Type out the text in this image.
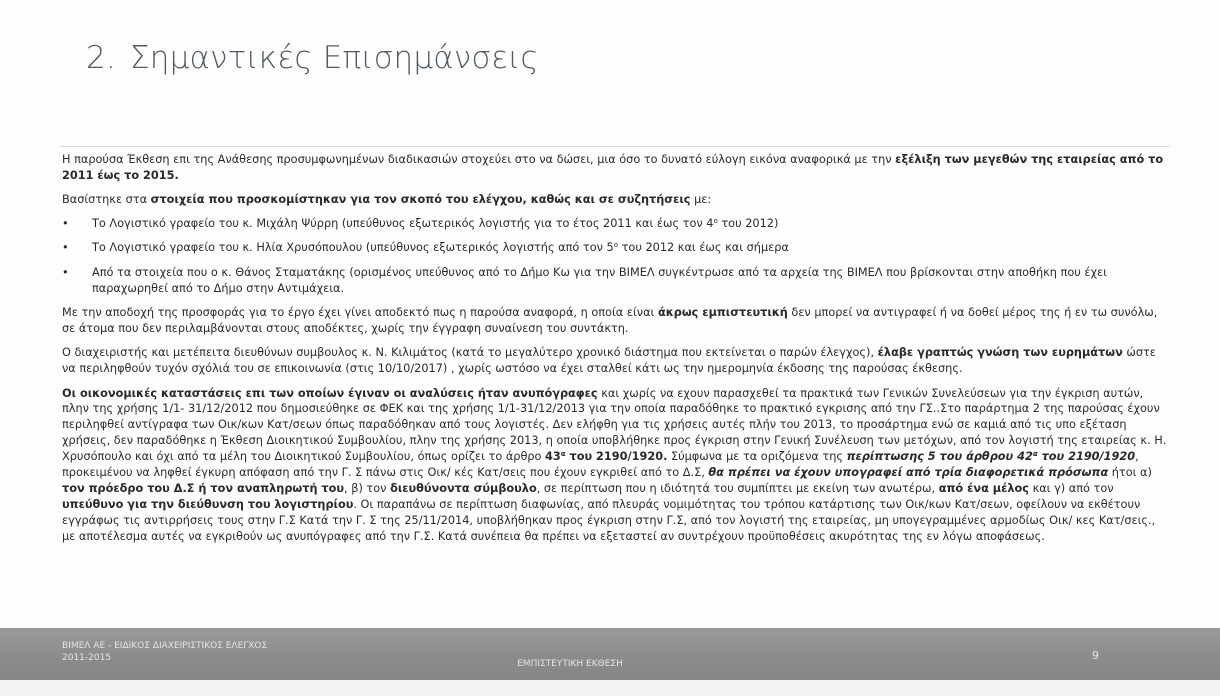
2. Σημαντικές Επισημάνσεις

Η παρούσα Έκθεση επι της Ανάθεσης προσυμφωνημένων διαδικασιών στοχεύει στο να δώσει, μια όσο το δυνατό εύλογη εικόνα αναφορικά με την εξέλιξη των μεγεθών της εταιρείας από το 2011 έως το 2015.

Βασίστηκε στα στοιχεία που προσκομίστηκαν για τον σκοπό του ελέγχου, καθώς και σε συζητήσεις με:

• Το Λογιστικό γραφείο του κ. Μιχάλη Ψύρρη (υπεύθυνος εξωτερικός λογιστής για το έτος 2011 και έως τον $4^o$ του 2012)
• Το Λογιστικό γραφείο του κ. Ηλία Χρυσόπουλου (υπεύθυνος εξωτερικός λογιστής από τον $5^o$ του 2012 και έως και σήμερα
• Από τα στοιχεία που ο κ. Θάνος Σταματάκης (ορισμένος υπεύθυνος από το Δήμο Κω για την ΒΙΜΕΛ συγκέντρωσε από τα αρχεία της ΒΙΜΕΛ που βρίσκονται στην αποθήκη που έχει παραχωρηθεί από το Δήμο στην Αντιμάχεια.

Με την αποδοχή της προσφοράς για το έργο έχει γίνει αποδεκτό πως η παρούσα αναφορά, η οποία είναι άκρως εμπιστευτική δεν μπορεί να αντιγραφεί ή να δοθεί μέρος της ή εν τω συνόλω, σε άτομα που δεν περιλαμβάνονται στους αποδέκτες, χωρίς την έγγραφη συναίνεση του συντάκτη.

Ο διαχειριστής και μετέπειτα διευθύνων συμβουλος κ. Ν. Κιλιμάτος (κατά το μεγαλύτερο χρονικό διάστημα που εκτείνεται ο παρών έλεγχος), έλαβε γραπτώς γνώση των ευρημάτων ώστε να περιληφθούν τυχόν σχόλιά του σε επικοινωνία (στις 10/10/2017) , χωρίς ωστόσο να έχει σταλθεί κάτι ως την ημερομηνία έκδοσης της παρούσας έκθεσης.

Οι οικονομικές καταστάσεις επι των οποίων έγιναν οι αναλύσεις ήταν ανυπόγραφες και χωρίς να εχουν παρασχεθεί τα πρακτικά των Γενικών Συνελεύσεων για την έγκριση αυτών, πλην της χρήσης 1/1- 31/12/2012 που δημοσιεύθηκε σε ΦΕΚ και της χρήσης 1/1-31/12/2013 για την οποία παραδόθηκε το πρακτικό εγκρισης από την ΓΣ..Στο παράρτημα 2 της παρούσας έχουν περιληφθεί αντίγραφα των Οικ/κων Κατ/σεων όπως παραδόθηκαν από τους λογιστές. Δεν ελήφθη για τις χρήσεις αυτές πλήν του 2013, το προσάρτημα ενώ σε καμιά από τις υπο εξέταση χρήσεις, δεν παραδόθηκε η Έκθεση Διοικητικού Συμβουλίου, πλην της χρήσης 2013, η οποία υποβλήθηκε προς έγκριση στην Γενική Συνέλευση των μετόχων, από τον λογιστή της εταιρείας κ. Η. Χρυσόπουλο και όχι από τα μέλη του Διοικητικού Συμβουλίου, όπως ορίζει το άρθρο $43^\alpha$ του 2190/1920. Σύμφωνα με τα οριζόμενα της περίπτωσης 5 του άρθρου $42^\alpha$ του 2190/1920, προκειμένου να ληφθεί έγκυρη απόφαση από την Γ. Σ πάνω στις Οικ/ κές Κατ/σεις που έχουν εγκριθεί από το Δ.Σ, θα πρέπει να έχουν υπογραφεί από τρία διαφορετικά πρόσωπα ήτοι α) τον πρόεδρο του Δ.Σ ή τον αναπληρωτή του, β) τον διευθύνοντα σύμβουλο, σε περίπτωση που η ιδιότητά του συμπίπτει με εκείνη των ανωτέρω, από ένα μέλος και γ) από τον υπεύθυνο για την διεύθυνση του λογιστηρίου. Οι παραπάνω σε περίπτωση διαφωνίας, από πλευράς νομιμότητας του τρόπου κατάρτισης των Οικ/κων Κατ/σεων, οφείλουν να εκθέτουν εγγράφως τις αντιρρήσεις τους στην Γ.Σ Κατά την Γ. Σ της 25/11/2014, υποβλήθηκαν προς έγκριση στην Γ.Σ, από τον λογιστή της εταιρείας, μη υπογεγραμμένες αρμοδίως Οικ/ κες Κατ/σεις., με αποτέλεσμα αυτές να εγκριθούν ως ανυπόγραφες από την Γ.Σ. Κατά συνέπεια θα πρέπει να εξεταστεί αν συντρέχουν προϋποθέσεις ακυρότητας της εν λόγω αποφάσεως.

ΒΙΜΕΛ ΑΕ - ΕΙΔΙΚΟΣ ΔΙΑΧΕΙΡΙΣΤΙΚΟΣ ΕΛΕΓΧΟΣ
2011-2015
ΕΜΠΙΣΤΕΥΤΙΚΗ ΕΚΘΕΣΗ
9
